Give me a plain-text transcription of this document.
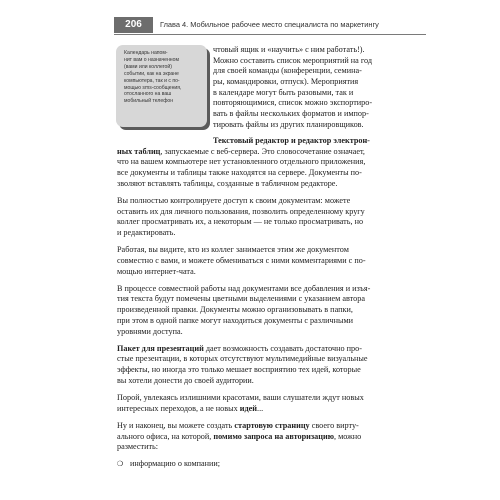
206	Глава 4. Мобильное рабочее место специалиста по маркетингу
Календарь напом-
нит вам о назначенном
(вами или коллегой)
событии, как на экране
компьютера, так и с по-
мощью sms-сообщения,
отосланного на ваш
мобильный телефон
чтовый ящик и «научить» с ним работать!).
Можно составить список мероприятий на год
для своей команды (конференции, семина-
ры, командировки, отпуск). Мероприятия
в календаре могут быть разовыми, так и
повторяющимися, список можно экспортиро-
вать в файлы нескольких форматов и импор-
тировать файлы из других планировщиков.
Текстовый редактор и редактор электрон-
ных таблиц, запускаемые с веб-сервера. Это словосочетание означает,
что на вашем компьютере нет установленного отдельного приложения,
все документы и таблицы также находятся на сервере. Документы по-
зволяют вставлять таблицы, созданные в табличном редакторе.
Вы полностью контролируете доступ к своим документам: можете
оставить их для личного пользования, позволить определенному кругу
коллег просматривать их, а некоторым — не только просматривать, но
и редактировать.
Работая, вы видите, кто из коллег занимается этим же документом
совместно с вами, и можете обмениваться с ними комментариями с по-
мощью интернет-чата.
В процессе совместной работы над документами все добавления и изъя-
тия текста будут помечены цветными выделениями с указанием автора
произведенной правки. Документы можно организовывать в папки,
при этом в одной папке могут находиться документы с различными
уровнями доступа.
Пакет для презентаций дает возможность создавать достаточно про-
стые презентации, в которых отсутствуют мультимедийные визуальные
эффекты, но иногда это только мешает восприятию тех идей, которые
вы хотели донести до своей аудитории.
Порой, увлекаясь излишними красотами, ваши слушатели ждут новых
интересных переходов, а не новых идей...
Ну и наконец, вы можете создать стартовую страницу своего вирту-
ального офиса, на которой, помимо запроса на авторизацию, можно
разместить:
❍ информацию о компании;
